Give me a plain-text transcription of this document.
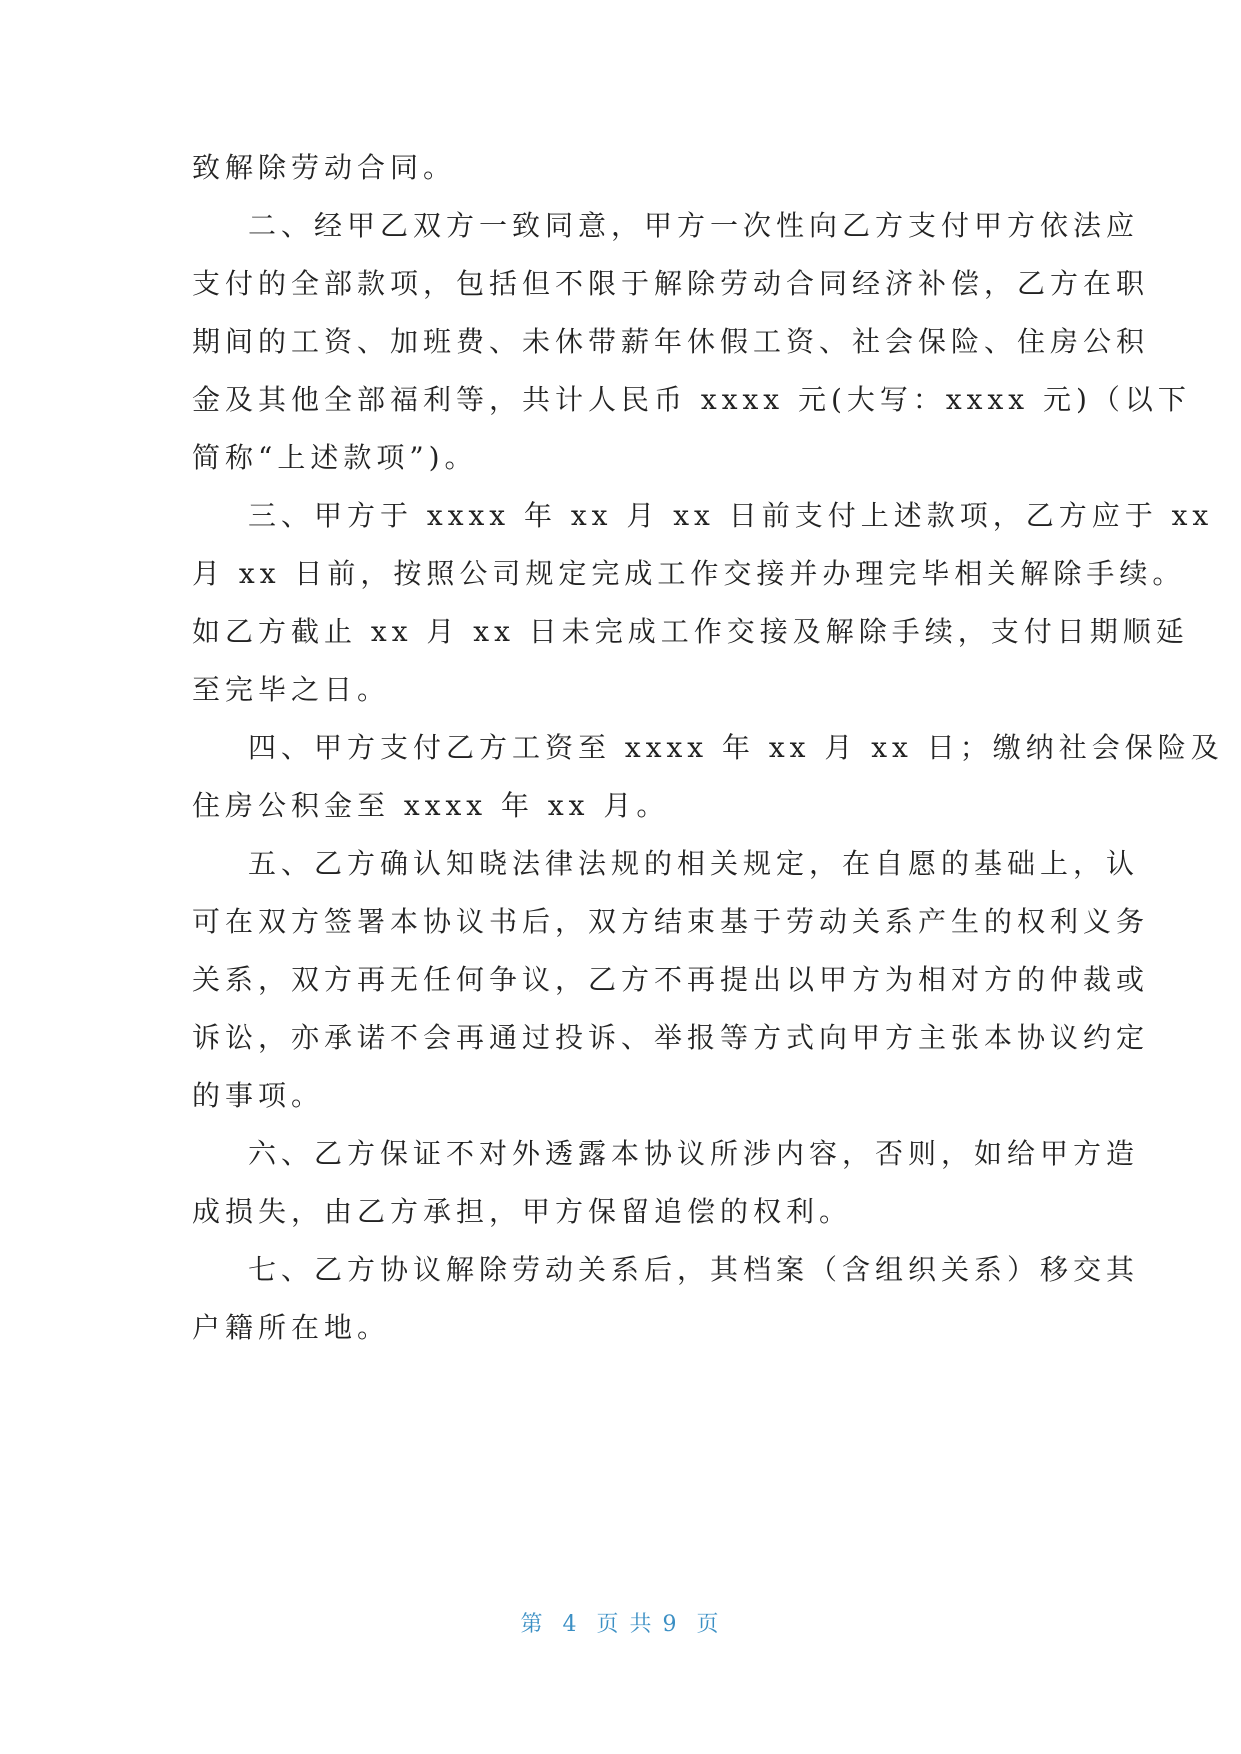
致解除劳动合同。
二、经甲乙双方一致同意，甲方一次性向乙方支付甲方依法应
支付的全部款项，包括但不限于解除劳动合同经济补偿，乙方在职
期间的工资、加班费、未休带薪年休假工资、社会保险、住房公积
金及其他全部福利等，共计人民币 xxxx 元(大写：xxxx 元)（以下
简称“上述款项”)。
三、甲方于 xxxx 年 xx 月 xx 日前支付上述款项，乙方应于 xx
月 xx 日前，按照公司规定完成工作交接并办理完毕相关解除手续。
如乙方截止 xx 月 xx 日未完成工作交接及解除手续，支付日期顺延
至完毕之日。
四、甲方支付乙方工资至 xxxx 年 xx 月 xx 日；缴纳社会保险及
住房公积金至 xxxx 年 xx 月。
五、乙方确认知晓法律法规的相关规定，在自愿的基础上，认
可在双方签署本协议书后，双方结束基于劳动关系产生的权利义务
关系，双方再无任何争议，乙方不再提出以甲方为相对方的仲裁或
诉讼，亦承诺不会再通过投诉、举报等方式向甲方主张本协议约定
的事项。
六、乙方保证不对外透露本协议所涉内容，否则，如给甲方造
成损失，由乙方承担，甲方保留追偿的权利。
七、乙方协议解除劳动关系后，其档案（含组织关系）移交其
户籍所在地。
第  4  页 共 9  页
